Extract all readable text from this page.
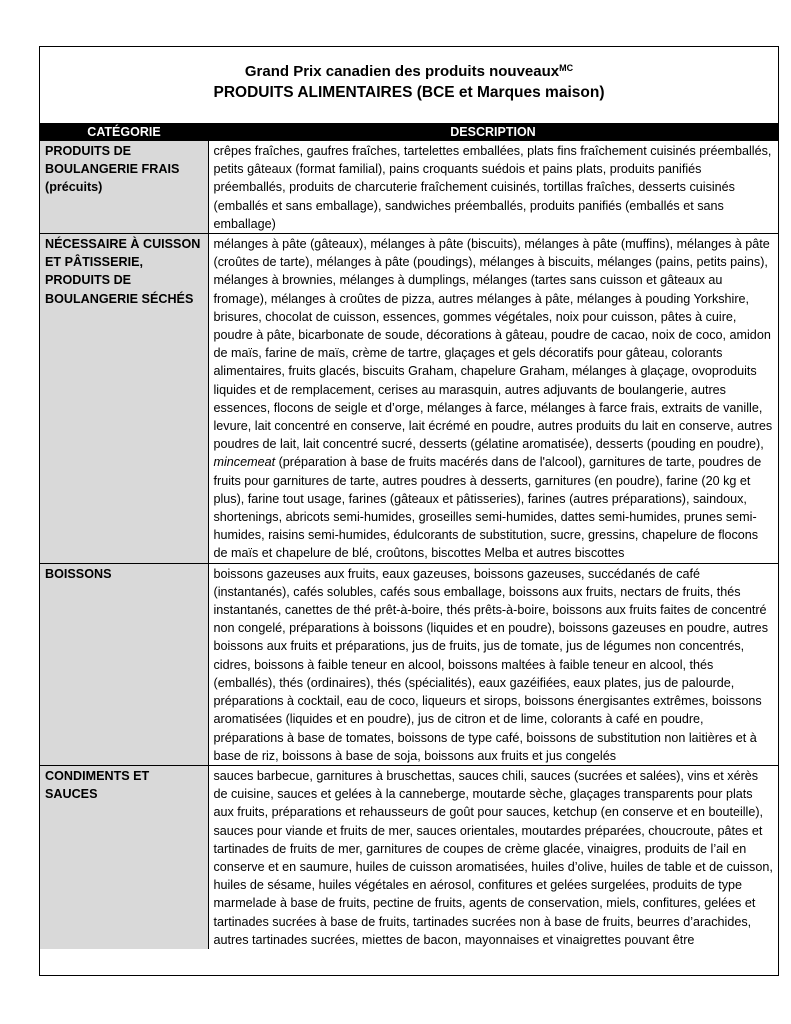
Grand Prix canadien des produits nouveaux$^{MC}$
PRODUITS ALIMENTAIRES (BCE et Marques maison)
CATÉGORIE	DESCRIPTION
PRODUITS DE BOULANGERIE FRAIS (précuits)	crêpes fraîches, gaufres fraîches, tartelettes emballées, plats fins fraîchement cuisinés préemballés, petits gâteaux (format familial), pains croquants suédois et pains plats, produits panifiés préemballés, produits de charcuterie fraîchement cuisinés, tortillas fraîches, desserts cuisinés (emballés et sans emballage), sandwiches préemballés, produits panifiés (emballés et sans emballage)
NÉCESSAIRE À CUISSON ET PÂTISSERIE, PRODUITS DE BOULANGERIE SÉCHÉS	mélanges à pâte (gâteaux), mélanges à pâte (biscuits), mélanges à pâte (muffins), mélanges à pâte (croûtes de tarte), mélanges à pâte (poudings), mélanges à biscuits, mélanges (pains, petits pains), mélanges à brownies, mélanges à dumplings, mélanges (tartes sans cuisson et gâteaux au fromage), mélanges à croûtes de pizza, autres mélanges à pâte, mélanges à pouding Yorkshire, brisures, chocolat de cuisson, essences, gommes végétales, noix pour cuisson, pâtes à cuire, poudre à pâte, bicarbonate de soude, décorations à gâteau, poudre de cacao, noix de coco, amidon de maïs, farine de maïs, crème de tartre, glaçages et gels décoratifs pour gâteau, colorants alimentaires, fruits glacés, biscuits Graham, chapelure Graham, mélanges à glaçage, ovoproduits liquides et de remplacement, cerises au marasquin, autres adjuvants de boulangerie, autres essences, flocons de seigle et d’orge, mélanges à farce, mélanges à farce frais, extraits de vanille, levure, lait concentré en conserve, lait écrémé en poudre, autres produits du lait en conserve, autres poudres de lait, lait concentré sucré, desserts (gélatine aromatisée), desserts (pouding en poudre), mincemeat (préparation à base de fruits macérés dans de l'alcool), garnitures de tarte, poudres de fruits pour garnitures de tarte, autres poudres à desserts, garnitures (en poudre), farine (20 kg et plus), farine tout usage, farines (gâteaux et pâtisseries), farines (autres préparations), saindoux, shortenings, abricots semi-humides, groseilles semi-humides, dattes semi-humides, prunes semi-humides, raisins semi-humides, édulcorants de substitution, sucre, gressins, chapelure de flocons de maïs et chapelure de blé, croûtons, biscottes Melba et autres biscottes
BOISSONS	boissons gazeuses aux fruits, eaux gazeuses, boissons gazeuses, succédanés de café (instantanés), cafés solubles, cafés sous emballage, boissons aux fruits, nectars de fruits, thés instantanés, canettes de thé prêt-à-boire, thés prêts-à-boire, boissons aux fruits faites de concentré non congelé, préparations à boissons (liquides et en poudre), boissons gazeuses en poudre, autres boissons aux fruits et préparations, jus de fruits, jus de tomate, jus de légumes non concentrés, cidres, boissons à faible teneur en alcool, boissons maltées à faible teneur en alcool, thés (emballés), thés (ordinaires), thés (spécialités), eaux gazéifiées, eaux plates, jus de palourde, préparations à cocktail, eau de coco, liqueurs et sirops, boissons énergisantes extrêmes, boissons aromatisées (liquides et en poudre), jus de citron et de lime, colorants à café en poudre, préparations à base de tomates, boissons de type café, boissons de substitution non laitières et à base de riz, boissons à base de soja, boissons aux fruits et jus congelés
CONDIMENTS ET SAUCES	sauces barbecue, garnitures à bruschettas, sauces chili, sauces (sucrées et salées), vins et xérès de cuisine, sauces et gelées à la canneberge, moutarde sèche, glaçages transparents pour plats aux fruits, préparations et rehausseurs de goût pour sauces, ketchup (en conserve et en bouteille), sauces pour viande et fruits de mer, sauces orientales, moutardes préparées, choucroute, pâtes et tartinades de fruits de mer, garnitures de coupes de crème glacée, vinaigres, produits de l’ail en conserve et en saumure, huiles de cuisson aromatisées, huiles d’olive, huiles de table et de cuisson, huiles de sésame, huiles végétales en aérosol, confitures et gelées surgelées, produits de type marmelade à base de fruits, pectine de fruits, agents de conservation, miels, confitures, gelées et tartinades sucrées à base de fruits, tartinades sucrées non à base de fruits, beurres d’arachides, autres tartinades sucrées, miettes de bacon, mayonnaises et vinaigrettes pouvant être
